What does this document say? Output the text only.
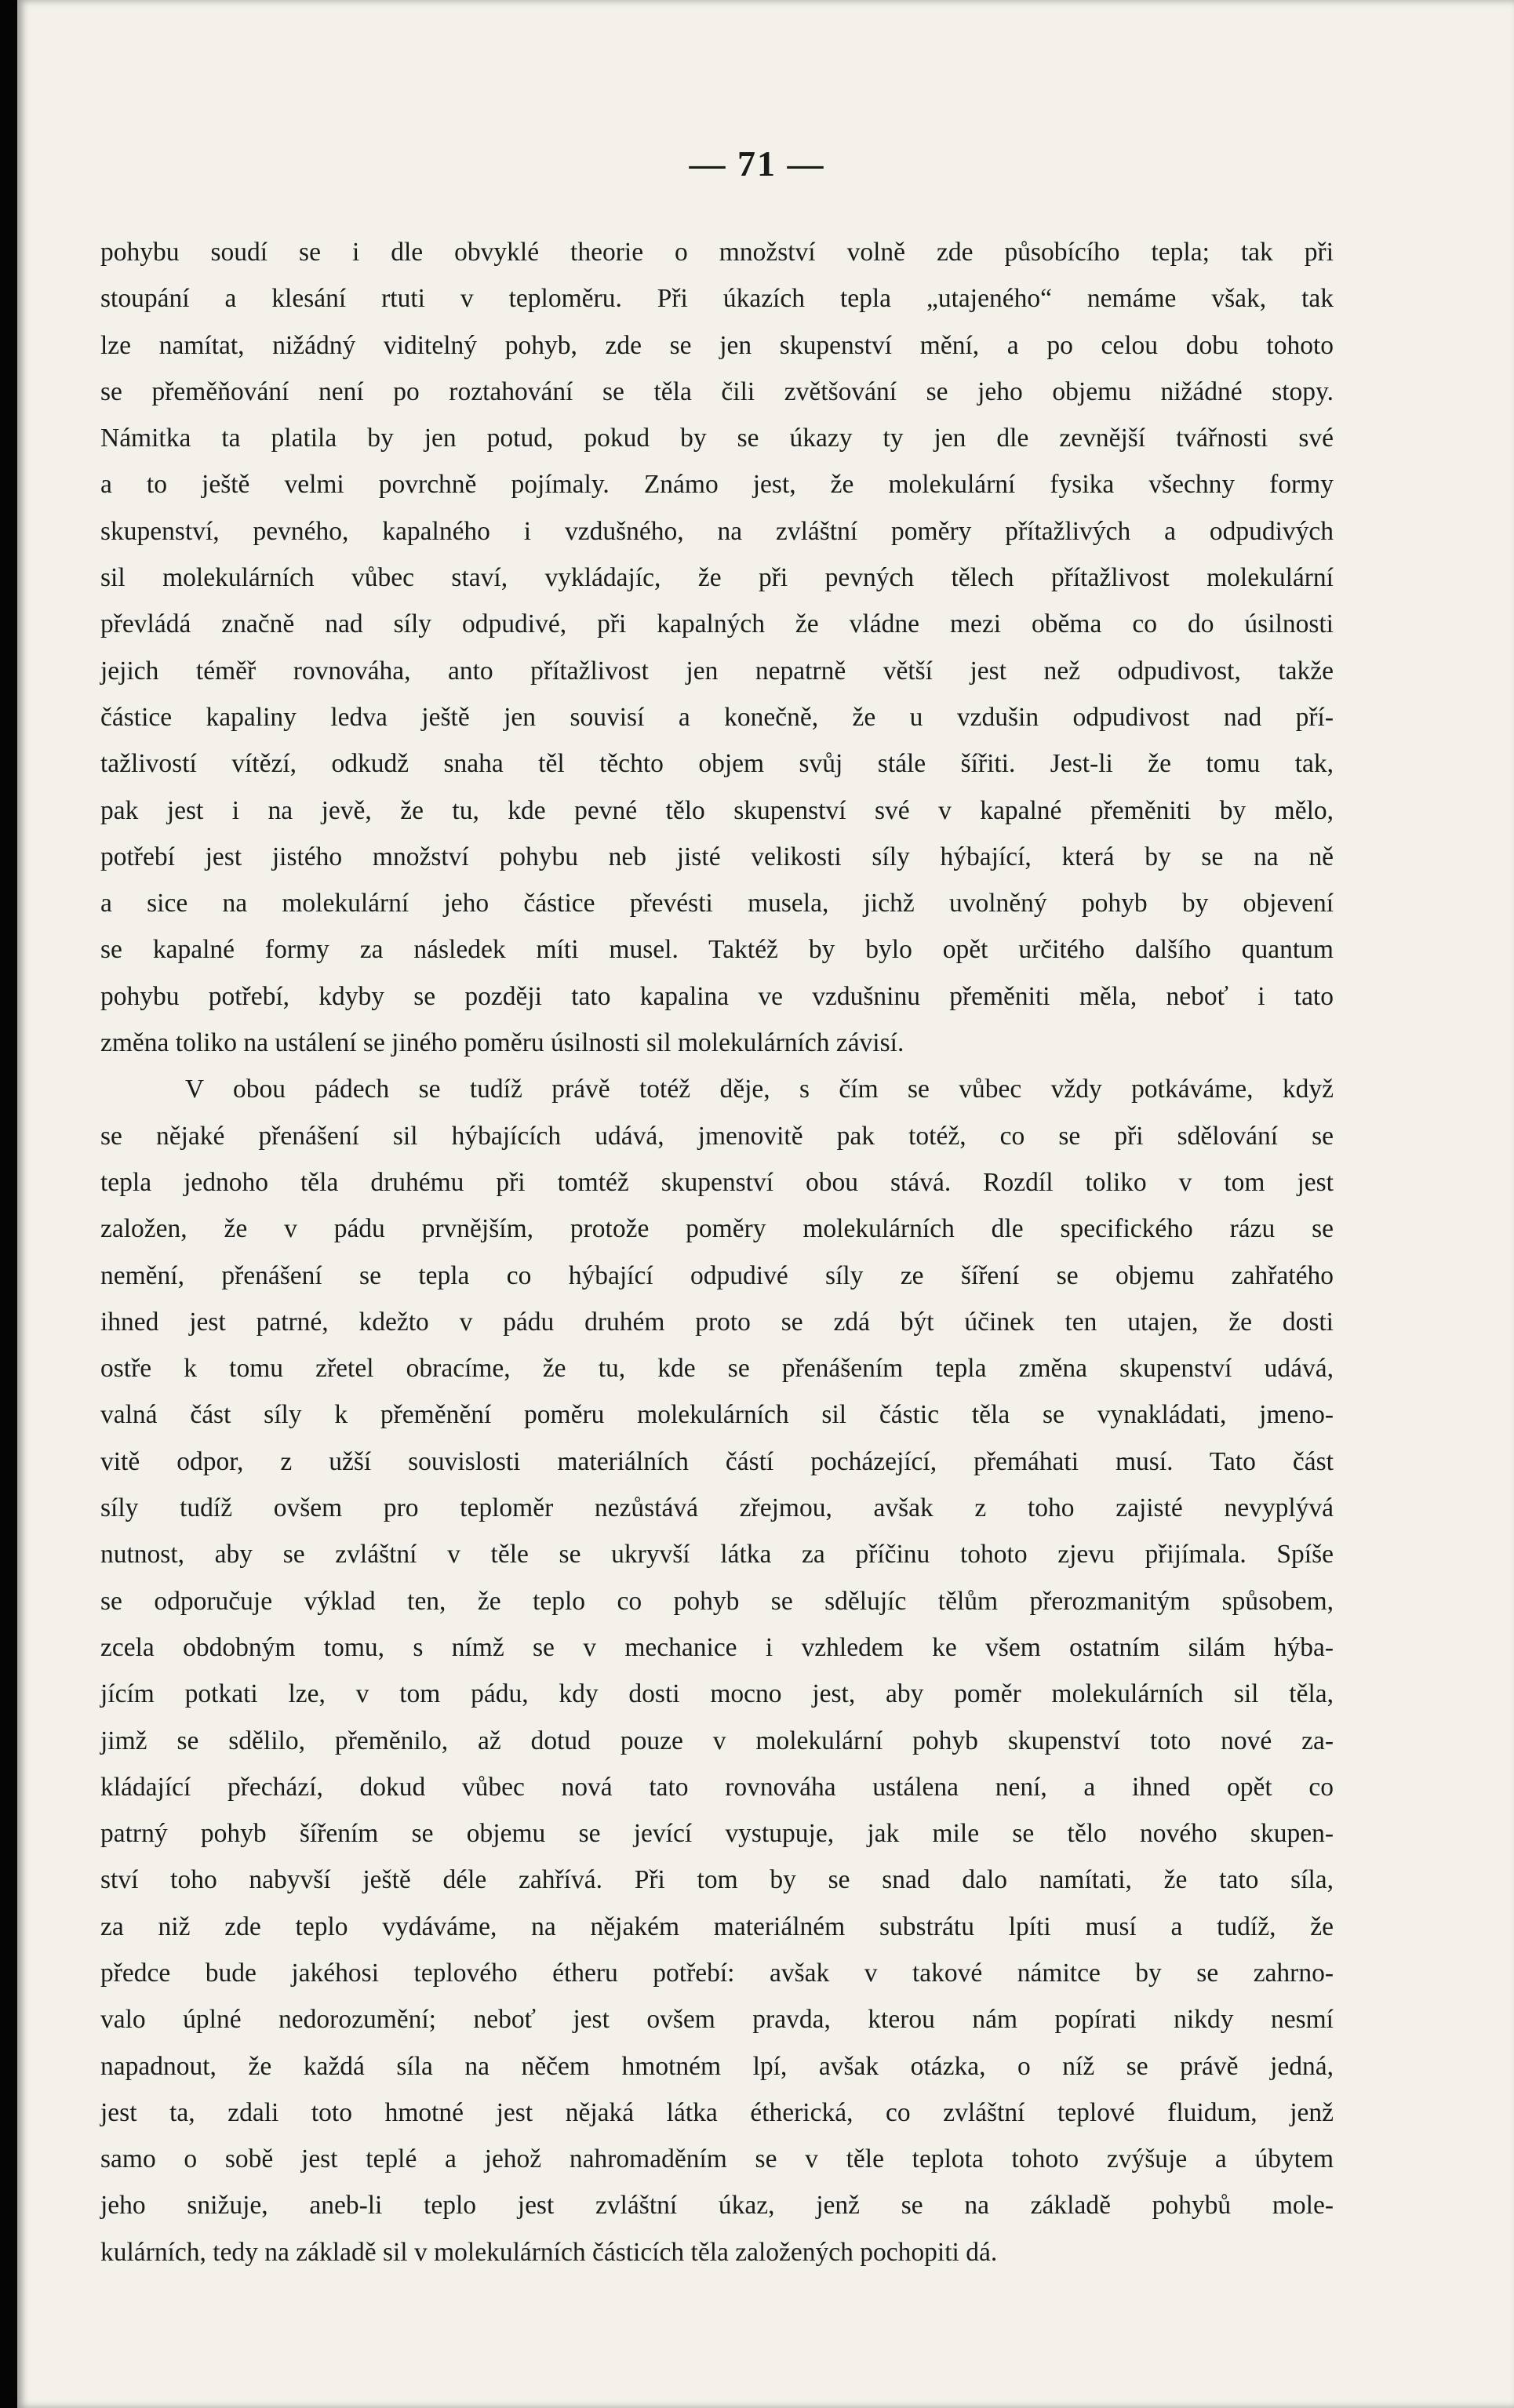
— 71 —
pohybu soudí se i dle obvyklé theorie o množství volně zde působícího tepla; tak při
stoupání a klesání rtuti v teploměru. Při úkazích tepla „utajeného“ nemáme však, tak
lze namítat, nižádný viditelný pohyb, zde se jen skupenství mění, a po celou dobu tohoto
se přeměňování není po roztahování se těla čili zvětšování se jeho objemu nižádné stopy.
Námitka ta platila by jen potud, pokud by se úkazy ty jen dle zevnější tvářnosti své
a to ještě velmi povrchně pojímaly. Známo jest, že molekulární fysika všechny formy
skupenství, pevného, kapalného i vzdušného, na zvláštní poměry přítažlivých a odpudivých
sil molekulárních vůbec staví, vykládajíc, že při pevných tělech přítažlivost molekulární
převládá značně nad síly odpudivé, při kapalných že vládne mezi oběma co do úsilnosti
jejich téměř rovnováha, anto přítažlivost jen nepatrně větší jest než odpudivost, takže
částice kapaliny ledva ještě jen souvisí a konečně, že u vzdušin odpudivost nad pří-
tažlivostí vítězí, odkudž snaha těl těchto objem svůj stále šířiti. Jest-li že tomu tak,
pak jest i na jevě, že tu, kde pevné tělo skupenství své v kapalné přeměniti by mělo,
potřebí jest jistého množství pohybu neb jisté velikosti síly hýbající, která by se na ně
a sice na molekulární jeho částice převésti musela, jichž uvolněný pohyb by objevení
se kapalné formy za následek míti musel. Taktéž by bylo opět určitého dalšího quantum
pohybu potřebí, kdyby se později tato kapalina ve vzdušninu přeměniti měla, neboť i tato
změna toliko na ustálení se jiného poměru úsilnosti sil molekulárních závisí.
V obou pádech se tudíž právě totéž děje, s čím se vůbec vždy potkáváme, když
se nějaké přenášení sil hýbajících udává, jmenovitě pak totéž, co se při sdělování se
tepla jednoho těla druhému při tomtéž skupenství obou stává. Rozdíl toliko v tom jest
založen, že v pádu prvnějším, protože poměry molekulárních dle specifického rázu se
nemění, přenášení se tepla co hýbající odpudivé síly ze šíření se objemu zahřatého
ihned jest patrné, kdežto v pádu druhém proto se zdá být účinek ten utajen, že dosti
ostře k tomu zřetel obracíme, že tu, kde se přenášením tepla změna skupenství udává,
valná část síly k přeměnění poměru molekulárních sil částic těla se vynakládati, jmeno-
vitě odpor, z užší souvislosti materiálních částí pocházející, přemáhati musí. Tato část
síly tudíž ovšem pro teploměr nezůstává zřejmou, avšak z toho zajisté nevyplývá
nutnost, aby se zvláštní v těle se ukryvší látka za příčinu tohoto zjevu přijímala. Spíše
se odporučuje výklad ten, že teplo co pohyb se sdělujíc tělům přerozmanitým spůsobem,
zcela obdobným tomu, s nímž se v mechanice i vzhledem ke všem ostatním silám hýba-
jícím potkati lze, v tom pádu, kdy dosti mocno jest, aby poměr molekulárních sil těla,
jimž se sdělilo, přeměnilo, až dotud pouze v molekulární pohyb skupenství toto nové za-
kládající přechází, dokud vůbec nová tato rovnováha ustálena není, a ihned opět co
patrný pohyb šířením se objemu se jevící vystupuje, jak mile se tělo nového skupen-
ství toho nabyvší ještě déle zahřívá. Při tom by se snad dalo namítati, že tato síla,
za niž zde teplo vydáváme, na nějakém materiálném substrátu lpíti musí a tudíž, že
předce bude jakéhosi teplového étheru potřebí: avšak v takové námitce by se zahrno-
valo úplné nedorozumění; neboť jest ovšem pravda, kterou nám popírati nikdy nesmí
napadnout, že každá síla na něčem hmotném lpí, avšak otázka, o níž se právě jedná,
jest ta, zdali toto hmotné jest nějaká látka étherická, co zvláštní teplové fluidum, jenž
samo o sobě jest teplé a jehož nahromaděním se v těle teplota tohoto zvýšuje a úbytem
jeho snižuje, aneb-li teplo jest zvláštní úkaz, jenž se na základě pohybů mole-
kulárních, tedy na základě sil v molekulárních částicích těla založených pochopiti dá.
